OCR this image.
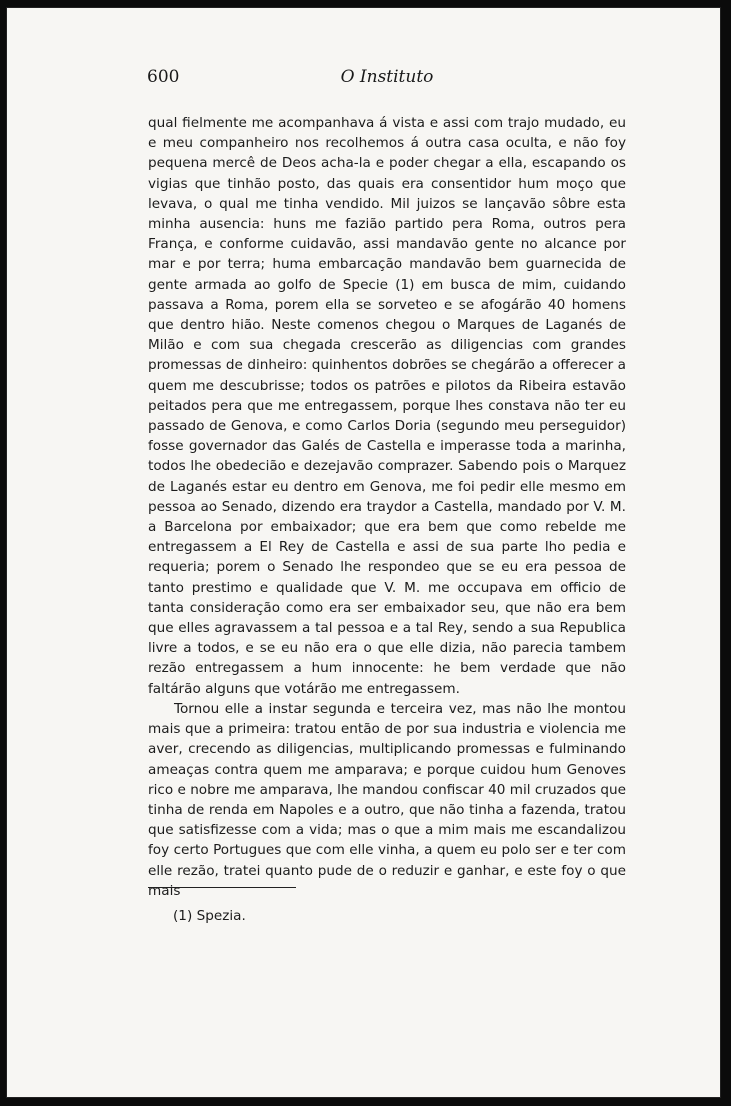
600	O Instituto

qual fielmente me acompanhava á vista e assi com trajo mudado, eu e meu companheiro nos recolhemos á outra casa oculta, e não foy pequena mercê de Deos acha-la e poder chegar a ella, escapando os vigias que tinhão posto, das quais era consentidor hum moço que levava, o qual me tinha vendido. Mil juizos se lançavão sôbre esta minha ausencia: huns me fazião partido pera Roma, outros pera França, e conforme cuidavão, assi mandavão gente no alcance por mar e por terra; huma embarcação mandavão bem guarnecida de gente armada ao golfo de Specie (1) em busca de mim, cuidando passava a Roma, porem ella se sorveteo e se afogárão 40 homens que dentro hião. Neste comenos chegou o Marques de Laganés de Milão e com sua chegada crescerão as diligencias com grandes promessas de dinheiro: quinhentos dobrões se chegárão a offerecer a quem me descubrisse; todos os patrões e pilotos da Ribeira estavão peitados pera que me entregassem, porque lhes constava não ter eu passado de Genova, e como Carlos Doria (segundo meu perseguidor) fosse governador das Galés de Castella e imperasse toda a marinha, todos lhe obedecião e dezejavão comprazer. Sabendo pois o Marquez de Laganés estar eu dentro em Genova, me foi pedir elle mesmo em pessoa ao Senado, dizendo era traydor a Castella, mandado por V. M. a Barcelona por embaixador; que era bem que como rebelde me entregassem a El Rey de Castella e assi de sua parte lho pedia e requeria; porem o Senado lhe respondeo que se eu era pessoa de tanto prestimo e qualidade que V. M. me occupava em officio de tanta consideração como era ser embaixador seu, que não era bem que elles agravassem a tal pessoa e a tal Rey, sendo a sua Republica livre a todos, e se eu não era o que elle dizia, não parecia tambem rezão entregassem a hum innocente: he bem verdade que não faltárão alguns que votárão me entregassem.

Tornou elle a instar segunda e terceira vez, mas não lhe montou mais que a primeira: tratou então de por sua industria e violencia me aver, crecendo as diligencias, multiplicando promessas e fulminando ameaças contra quem me amparava; e porque cuidou hum Genoves rico e nobre me amparava, lhe mandou confiscar 40 mil cruzados que tinha de renda em Napoles e a outro, que não tinha a fazenda, tratou que satisfizesse com a vida; mas o que a mim mais me escandalizou foy certo Portugues que com elle vinha, a quem eu polo ser e ter com elle rezão, tratei quanto pude de o reduzir e ganhar, e este foy o que mais

(1) Spezia.
